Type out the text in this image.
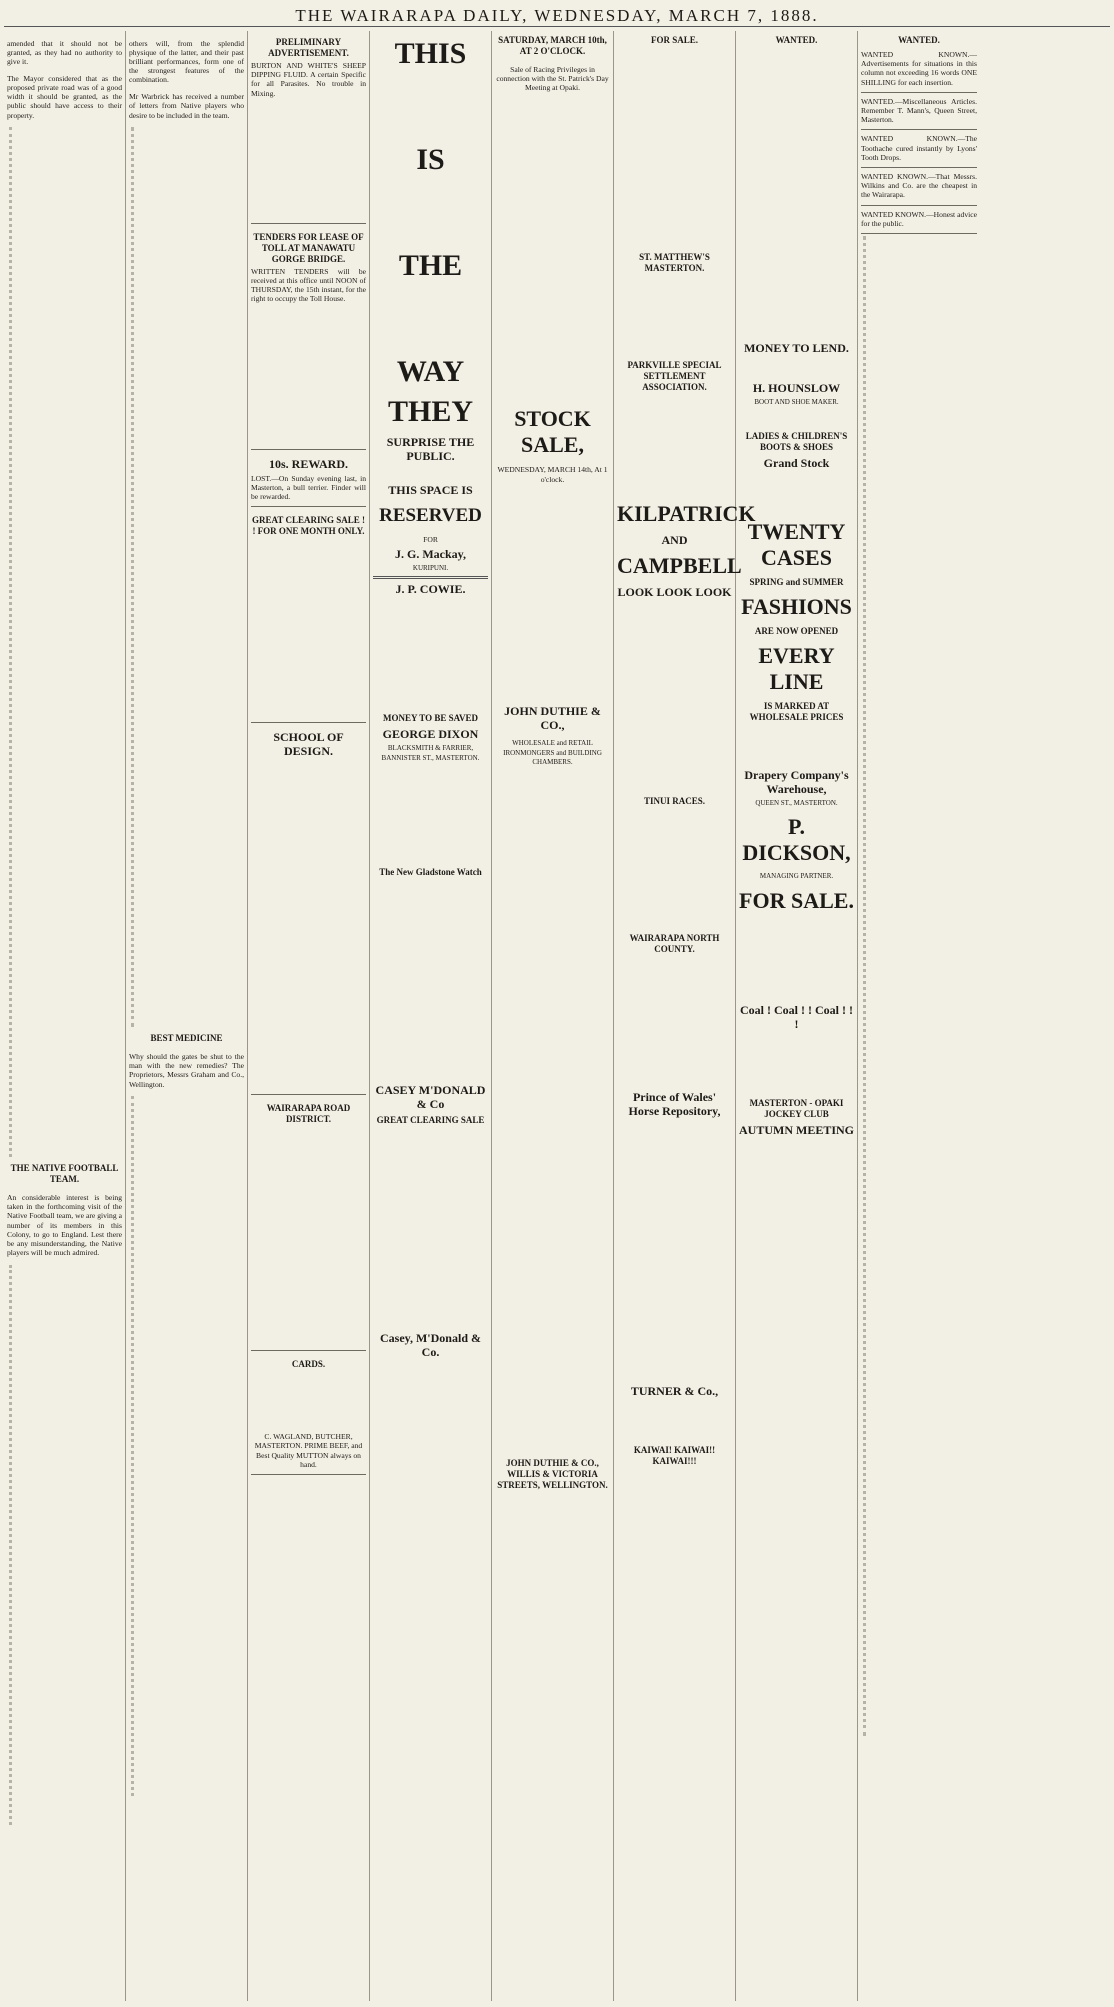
THE WAIRARAPA DAILY, WEDNESDAY, MARCH 7, 1888.

amended that it should not be granted, as they had no authority to give it.

The Mayor considered that as the proposed private road was of a good width it should be granted, as the public should have access to their property.

THE NATIVE FOOTBALL TEAM.

An considerable interest is being taken in the forthcoming visit of the Native Football team, we are giving a number of its members in this Colony, to go to England. Lest there be any misunderstanding, the Native players will be much admired.

others will, from the splendid physique of the latter, and their past brilliant performances, form one of the strongest features of the combination.

Mr Warbrick has received a number of letters from Native players who desire to be included in the team.

BEST MEDICINE

Why should the gates be shut to the man with the new remedies? The Proprietors, Messrs Graham and Co., Wellington.

PRELIMINARY ADVERTISEMENT.

BURTON AND WHITE'S SHEEP DIPPING FLUID. A certain Specific for all Parasites. No trouble in Mixing.

TENDERS FOR LEASE OF TOLL AT MANAWATU GORGE BRIDGE.

WRITTEN TENDERS will be received at this office until NOON of THURSDAY, the 15th instant, for the right to occupy the Toll House.

10s. REWARD.

LOST.—On Sunday evening last, in Masterton, a bull terrier. Finder will be rewarded.

GREAT CLEARING SALE ! ! FOR ONE MONTH ONLY.
SCHOOL OF DESIGN.
WAIRARAPA ROAD DISTRICT.
CARDS.

C. WAGLAND, BUTCHER, MASTERTON. PRIME BEEF, and Best Quality MUTTON always on hand.

THIS
IS
THE
WAY
THEY
SURPRISE THE PUBLIC.
THIS SPACE IS
RESERVED
FOR
J. G. Mackay,
KURIPUNI.
J. P. COWIE.
MONEY TO BE SAVED
GEORGE DIXON
BLACKSMITH & FARRIER, BANNISTER ST., MASTERTON.
The New Gladstone Watch
CASEY M'DONALD & Co
GREAT CLEARING SALE
Casey, M'Donald & Co.
SATURDAY, MARCH 10th, AT 2 O'CLOCK.

Sale of Racing Privileges in connection with the St. Patrick's Day Meeting at Opaki.

STOCK SALE,

WEDNESDAY, MARCH 14th, At 1 o'clock.

JOHN DUTHIE & CO.,

WHOLESALE and RETAIL IRONMONGERS and BUILDING CHAMBERS.

JOHN DUTHIE & CO., WILLIS & VICTORIA STREETS, WELLINGTON.
FOR SALE.
ST. MATTHEW'S MASTERTON.
PARKVILLE SPECIAL SETTLEMENT ASSOCIATION.
KILPATRICK
AND
CAMPBELL
LOOK LOOK LOOK
TINUI RACES.
WAIRARAPA NORTH COUNTY.
Prince of Wales' Horse Repository,
TURNER & Co.,
KAIWAI! KAIWAI!! KAIWAI!!!
WANTED.
MONEY TO LEND.
H. HOUNSLOW
BOOT AND SHOE MAKER.
LADIES & CHILDREN'S BOOTS & SHOES
Grand Stock
TWENTY CASES
SPRING and SUMMER
FASHIONS
ARE NOW OPENED
EVERY LINE
IS MARKED AT WHOLESALE PRICES
Drapery Company's Warehouse,
QUEEN ST., MASTERTON.
P. DICKSON,
MANAGING PARTNER.
FOR SALE.
Coal ! Coal ! ! Coal ! ! !
MASTERTON - OPAKI JOCKEY CLUB
AUTUMN MEETING
WANTED.

WANTED KNOWN.—Advertisements for situations in this column not exceeding 16 words ONE SHILLING for each insertion.

WANTED.—Miscellaneous Articles. Remember T. Mann's, Queen Street, Masterton.

WANTED KNOWN.—The Toothache cured instantly by Lyons' Tooth Drops.

WANTED KNOWN.—That Messrs. Wilkins and Co. are the cheapest in the Wairarapa.

WANTED KNOWN.—Honest advice for the public.
